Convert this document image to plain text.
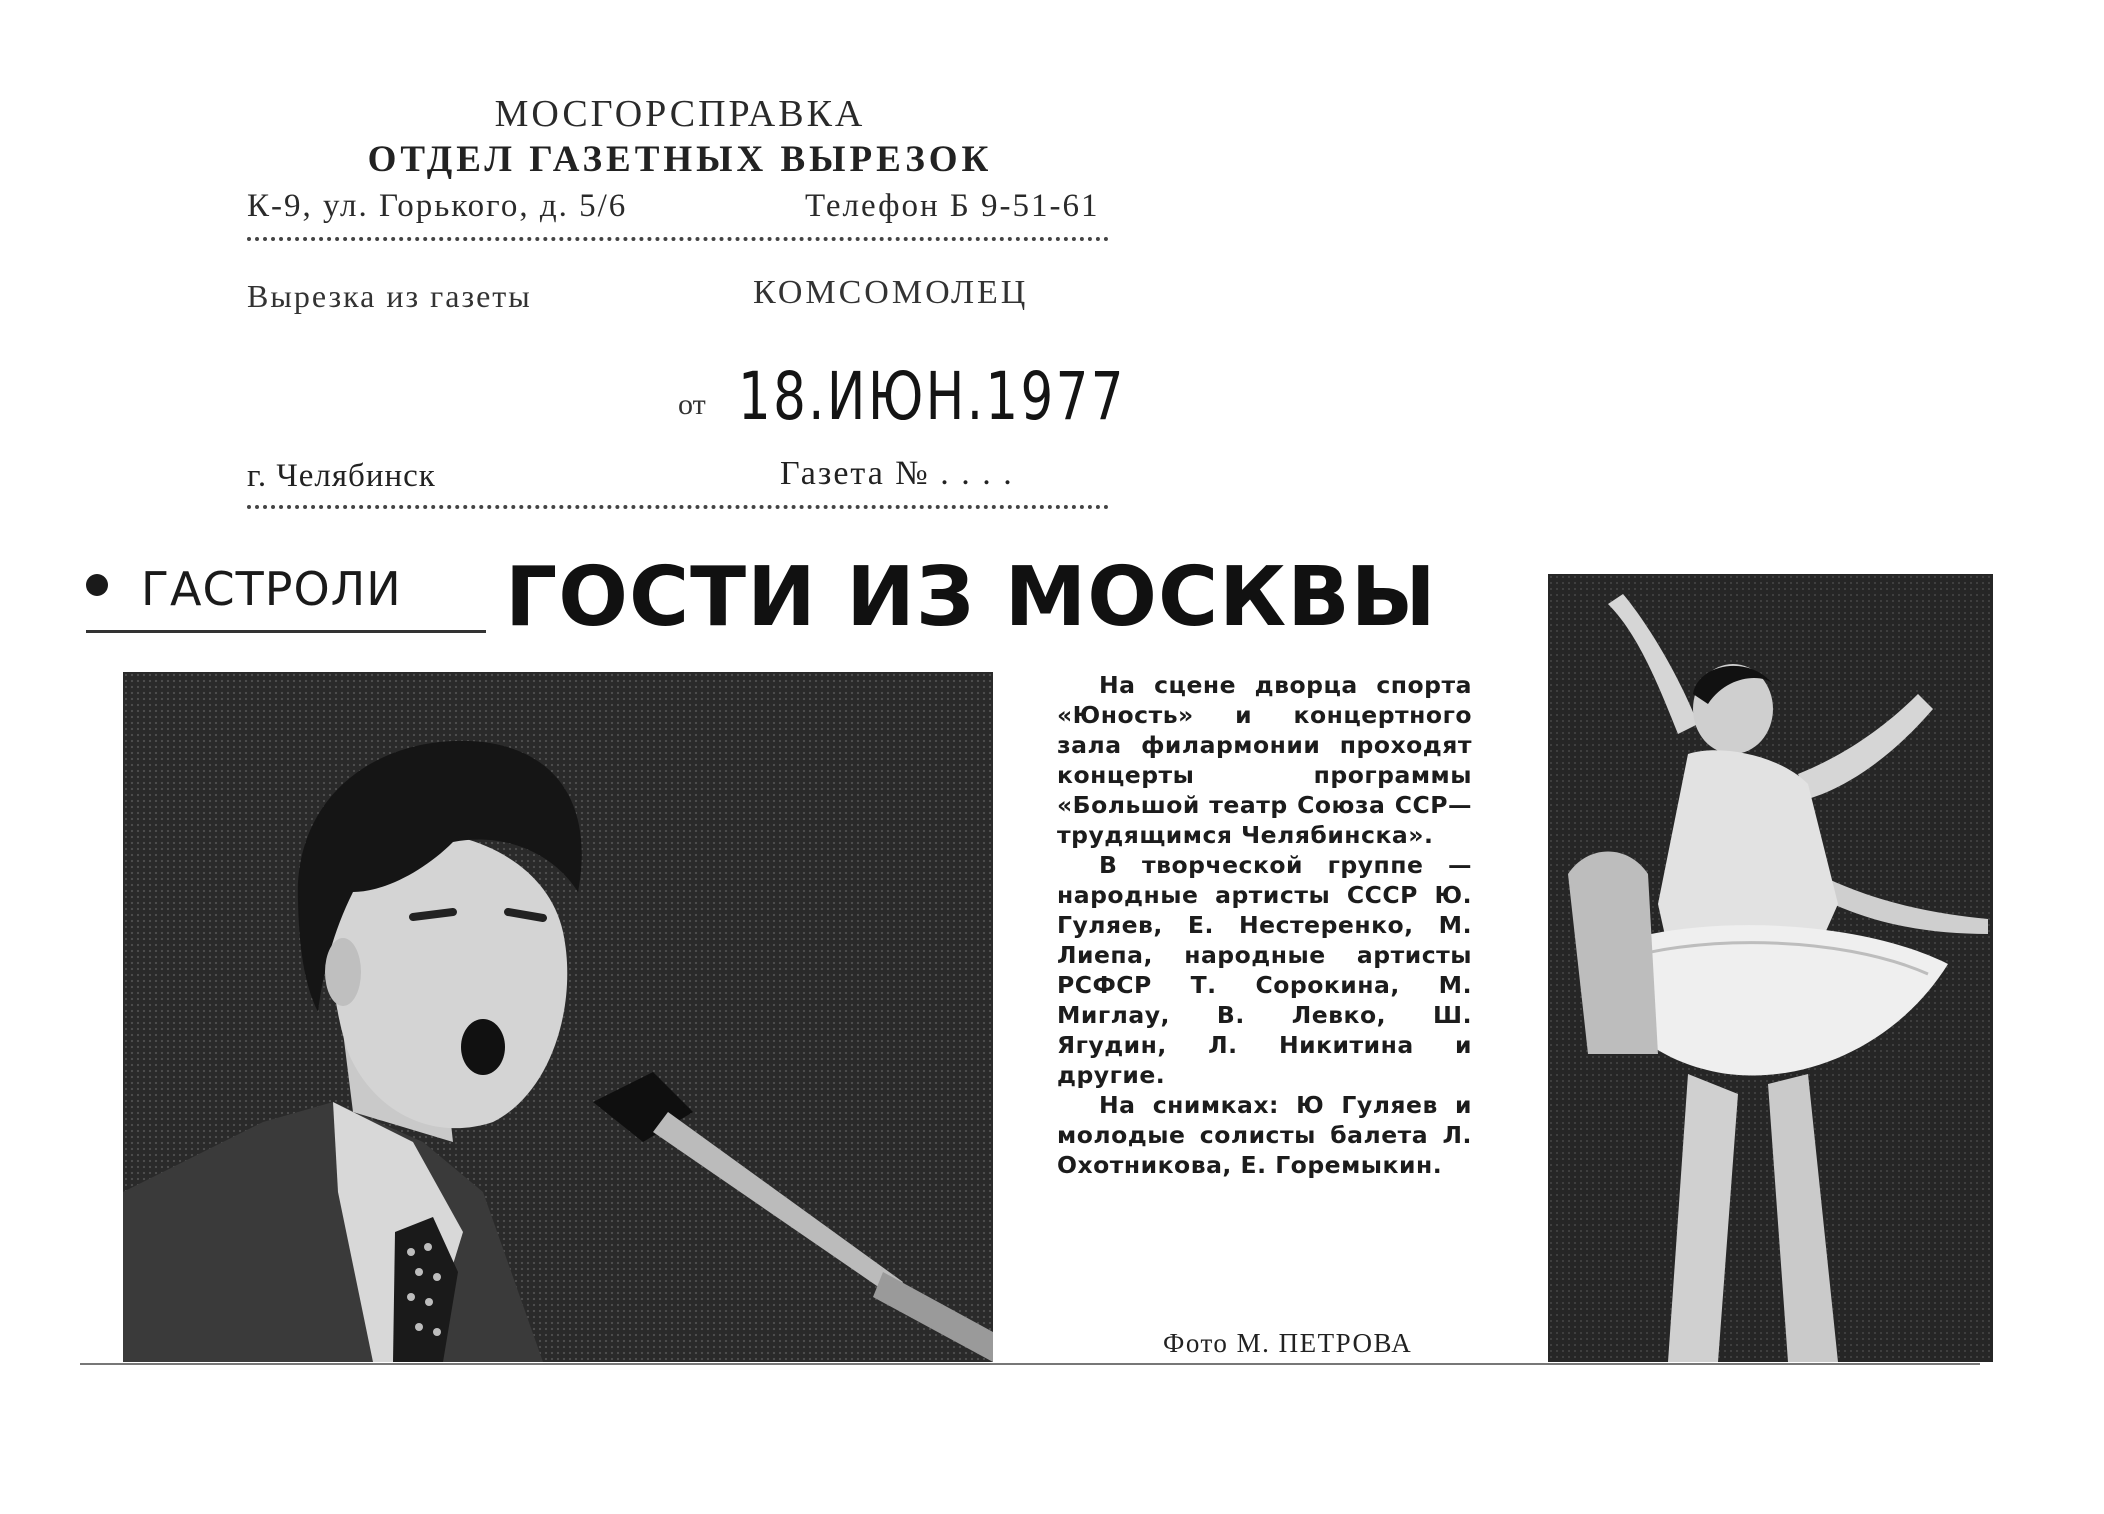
МОСГОРСПРАВКА
ОТДЕЛ ГАЗЕТНЫХ ВЫРЕЗОК
К-9, ул. Горького, д. 5/6	Телефон Б 9-51-61
Вырезка из газеты	КОМСОМОЛЕЦ
от 18.ИЮН.1977
г. Челябинск	Газета № . . . .
ГАСТРОЛИ ГОСТИ ИЗ МОСКВЫ

На сцене дворца спорта «Юность» и концертного зала филармонии проходят концерты программы «Большой театр Союза ССР—трудящимся Челябинска».

В творческой группе — народные артисты СССР Ю. Гуляев, Е. Нестеренко, М. Лиепа, народные артисты РСФСР Т. Сорокина, М. Миглау, В. Левко, Ш. Ягудин, Л. Никитина и другие.

На снимках: Ю Гуляев и молодые солисты балета Л. Охотникова, Е. Горемыкин.

Фото М. ПЕТРОВА
